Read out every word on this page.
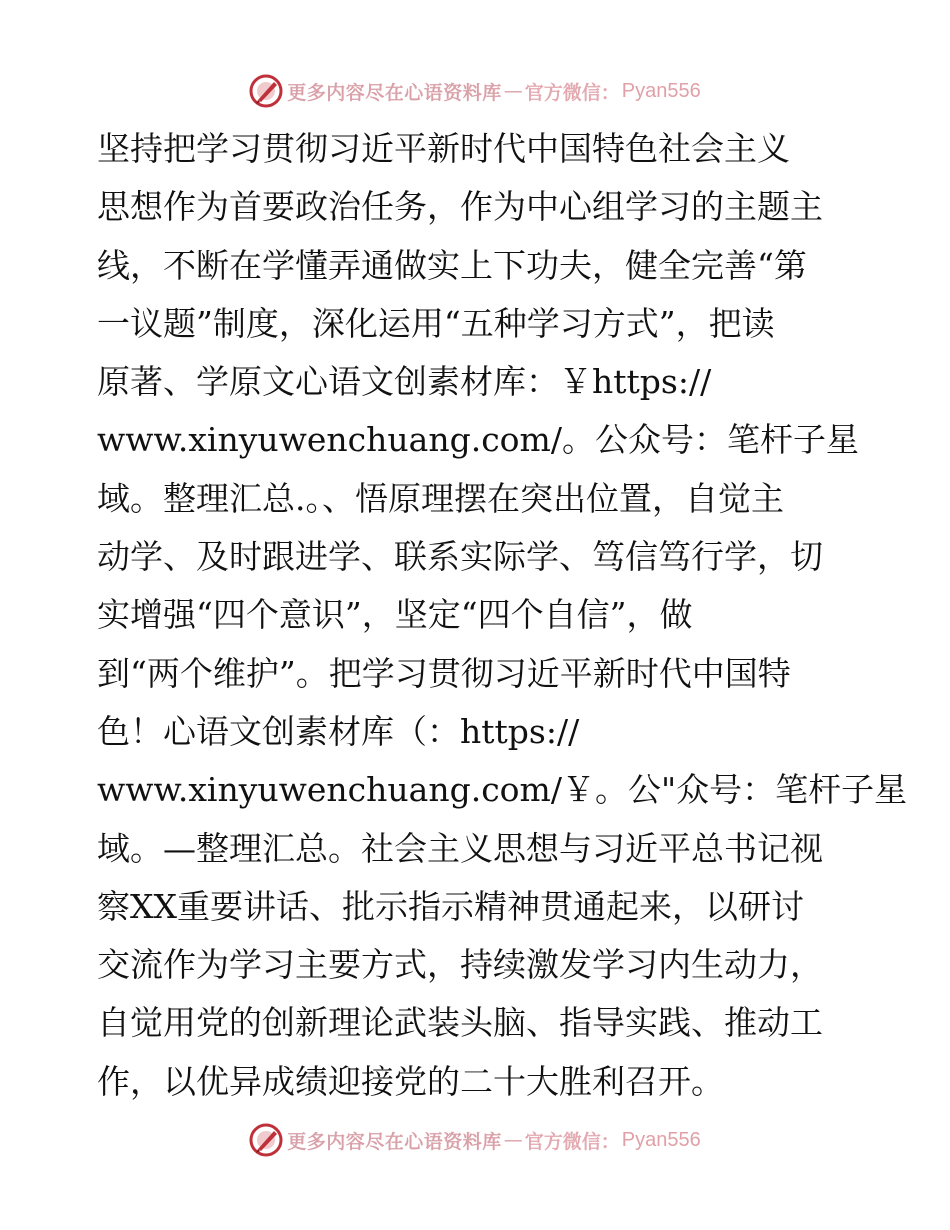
更多内容尽在心语资料库 — 官方微信： Pyan556
坚持把学习贯彻习近平新时代中国特色社会主义
思想作为首要政治任务，作为中心组学习的主题主
线，不断在学懂弄通做实上下功夫，健全完善“第
一议题”制度，深化运用“五种学习方式”，把读
原著、学原文心语文创素材库：￥https://
www.xinyuwenchuang.com/。公众号：笔杆子星
域。整理汇总.。、悟原理摆在突出位置，自觉主
动学、及时跟进学、联系实际学、笃信笃行学，切
实增强“四个意识”，坚定“四个自信”，做
到“两个维护”。把学习贯彻习近平新时代中国特
色！心语文创素材库（：https://
www.xinyuwenchuang.com/￥。公"众号：笔杆子星
域。—整理汇总。社会主义思想与习近平总书记视
察XX重要讲话、批示指示精神贯通起来，以研讨
交流作为学习主要方式，持续激发学习内生动力，
自觉用党的创新理论武装头脑、指导实践、推动工
作，以优异成绩迎接党的二十大胜利召开。
更多内容尽在心语资料库 — 官方微信： Pyan556
